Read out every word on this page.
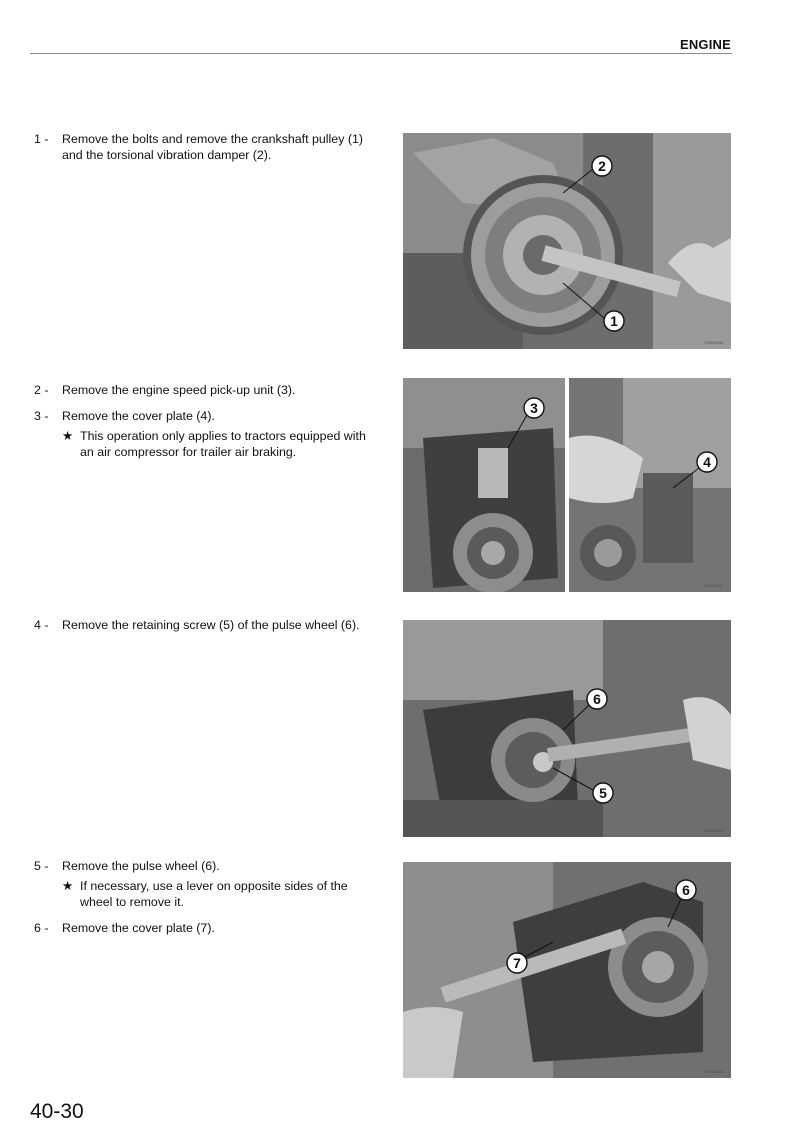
ENGINE
1 -	Remove the bolts and remove the crankshaft pulley (1) and the torsional vibration damper (2).
2 -	Remove the engine speed pick-up unit (3).
3 -	Remove the cover plate (4).
★ This operation only applies to tractors equipped with an air compressor for trailer air braking.
4 -	Remove the retaining screw (5) of the pulse wheel (6).
5 -	Remove the pulse wheel (6).
★ If necessary, use a lever on opposite sides of the wheel to remove it.
6 -	Remove the cover plate (7).
2
1
F0010760
3
4
F0010761
6
5
F0010762
6
7
F0010763
40-30
